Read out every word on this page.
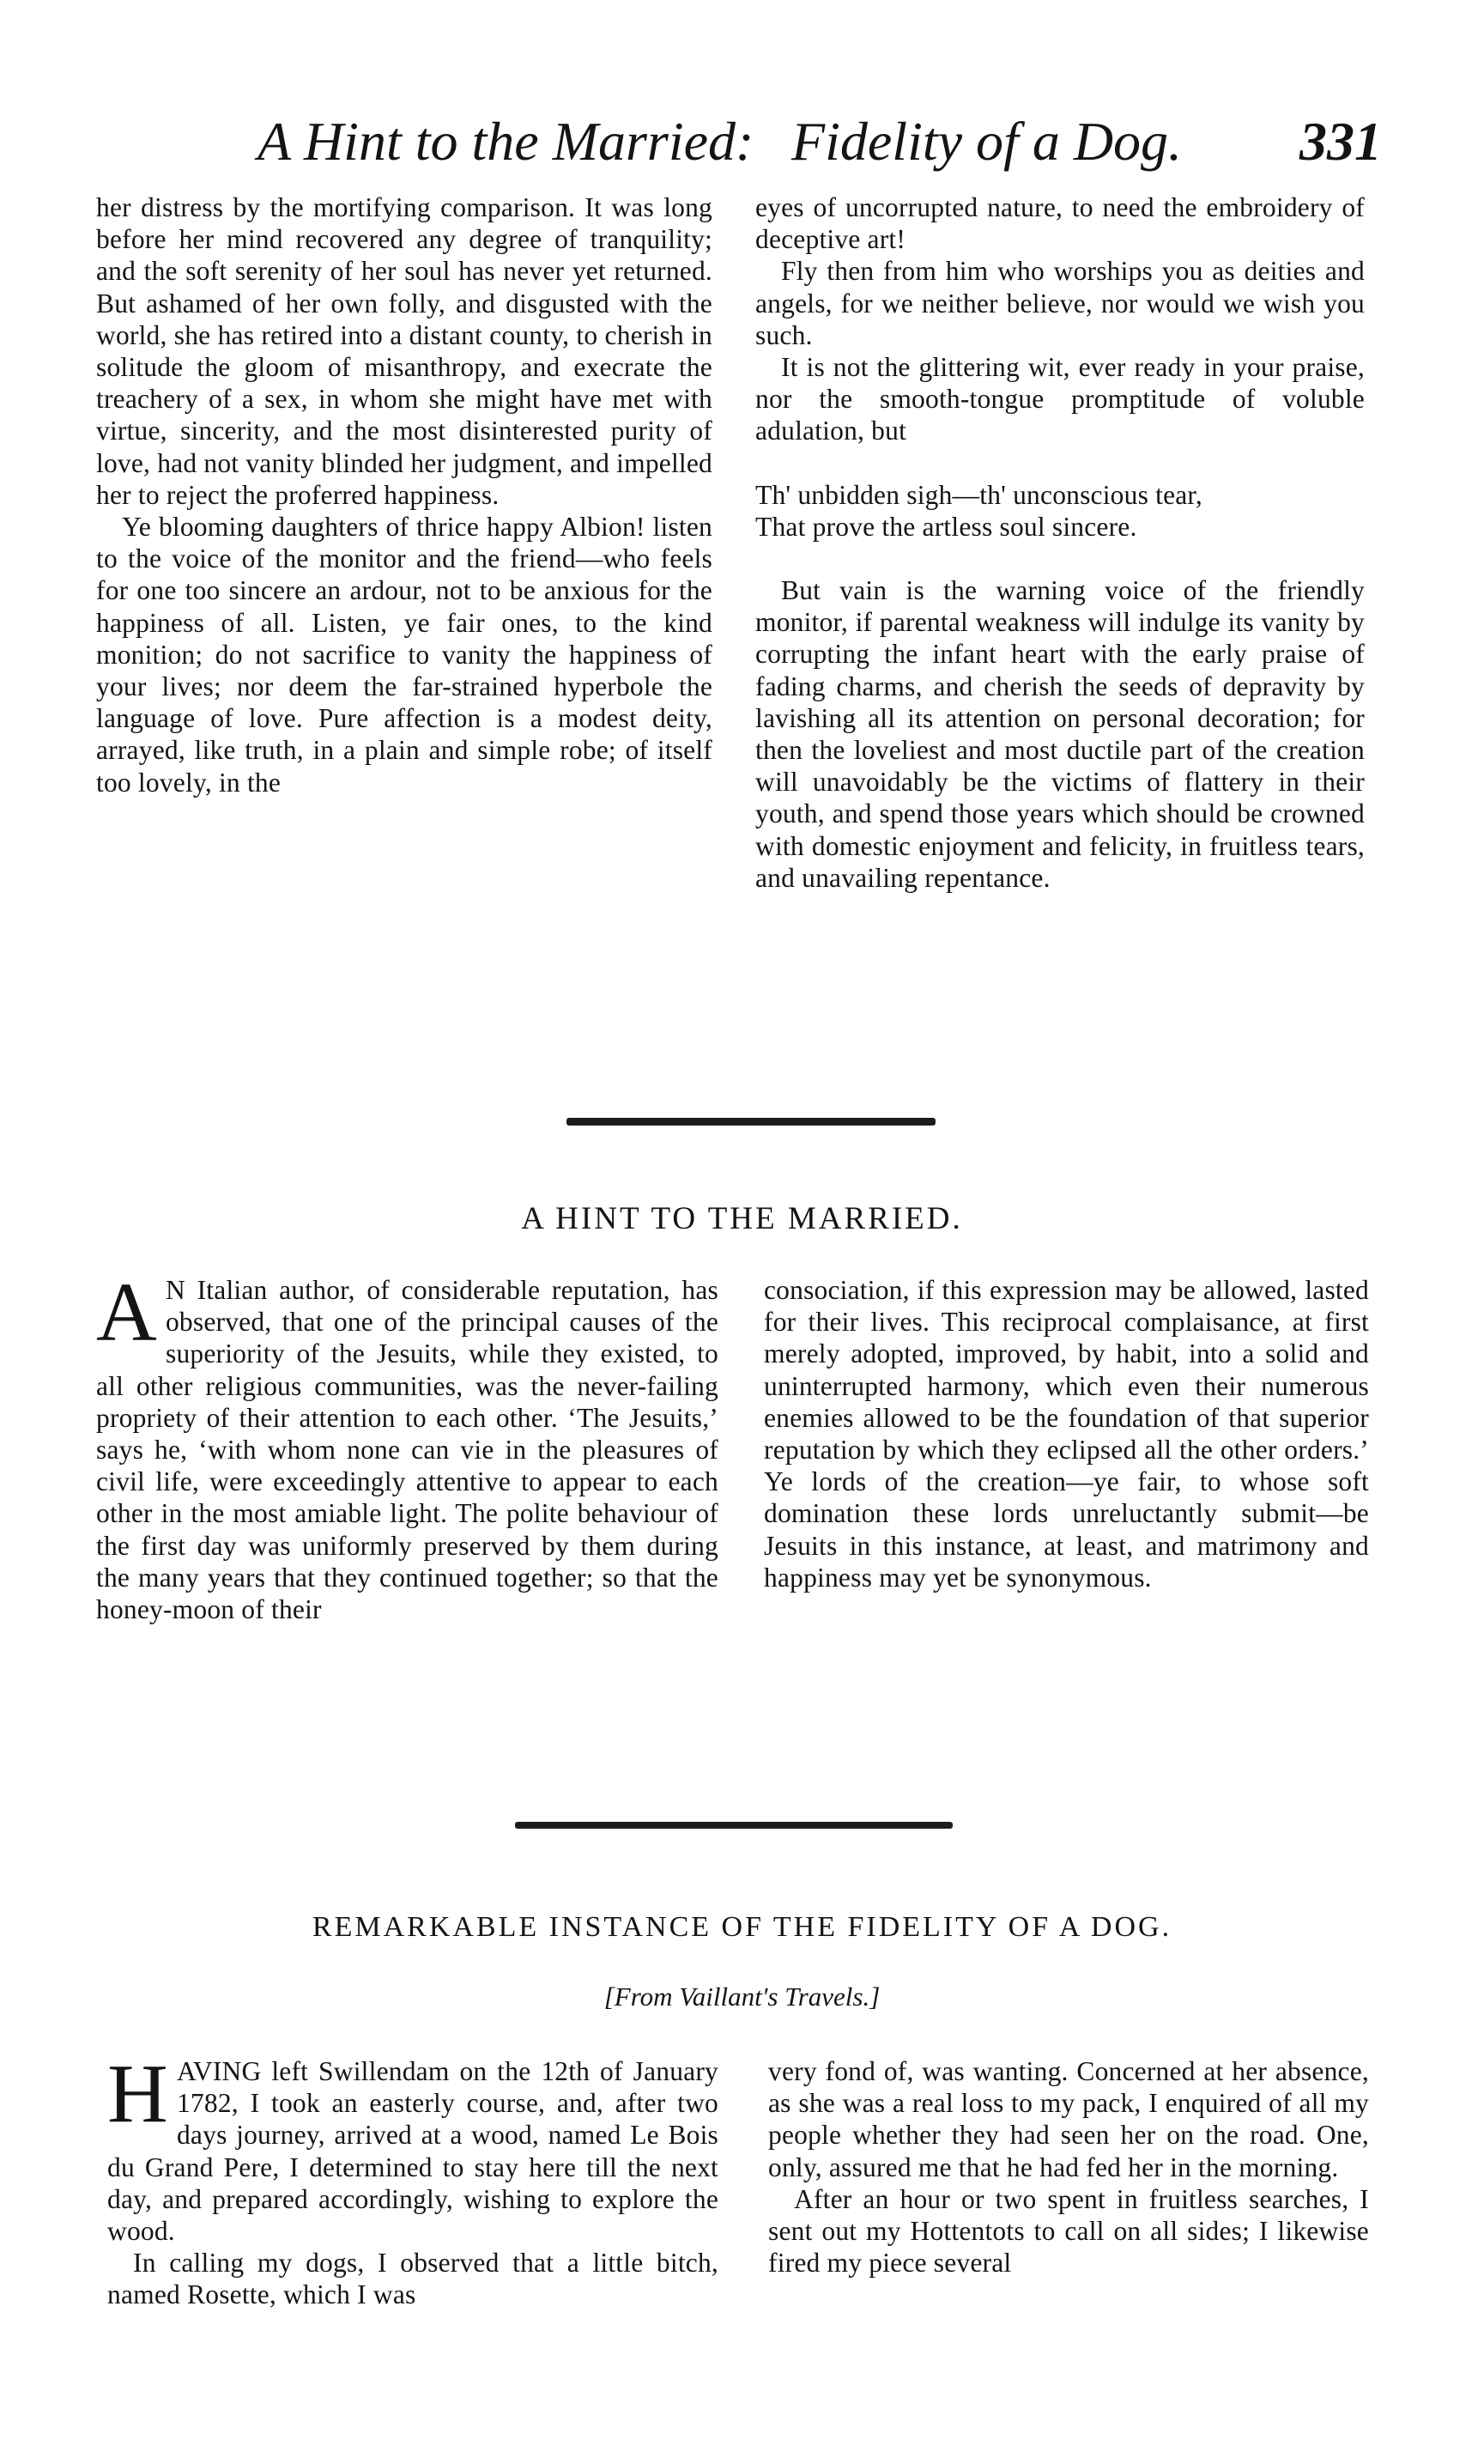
A Hint to the Married: Fidelity of a Dog. 331

her distress by the mortifying comparison. It was long before her mind recovered any degree of tranquility; and the soft serenity of her soul has never yet returned. But ashamed of her own folly, and disgusted with the world, she has retired into a distant county, to cherish in solitude the gloom of misanthropy, and execrate the treachery of a sex, in whom she might have met with virtue, sincerity, and the most disinterested purity of love, had not vanity blinded her judgment, and impelled her to reject the proferred happiness.

Ye blooming daughters of thrice happy Albion! listen to the voice of the monitor and the friend—who feels for one too sincere an ardour, not to be anxious for the happiness of all. Listen, ye fair ones, to the kind monition; do not sacrifice to vanity the happiness of your lives; nor deem the far-strained hyperbole the language of love. Pure affection is a modest deity, arrayed, like truth, in a plain and simple robe; of itself too lovely, in the

eyes of uncorrupted nature, to need the embroidery of deceptive art!

Fly then from him who worships you as deities and angels, for we neither believe, nor would we wish you such.

It is not the glittering wit, ever ready in your praise, nor the smooth-tongue promptitude of voluble adulation, but

Th' unbidden sigh—th' unconscious tear,
That prove the artless soul sincere.

But vain is the warning voice of the friendly monitor, if parental weakness will indulge its vanity by corrupting the infant heart with the early praise of fading charms, and cherish the seeds of depravity by lavishing all its attention on personal decoration; for then the loveliest and most ductile part of the creation will unavoidably be the victims of flattery in their youth, and spend those years which should be crowned with domestic enjoyment and felicity, in fruitless tears, and unavailing repentance.

A HINT TO THE MARRIED.

A N Italian author, of considerable reputation, has observed, that one of the principal causes of the superiority of the Jesuits, while they existed, to all other religious communities, was the never-failing propriety of their attention to each other. ‘The Jesuits,’ says he, ‘with whom none can vie in the pleasures of civil life, were exceedingly attentive to appear to each other in the most amiable light. The polite behaviour of the first day was uniformly preserved by them during the many years that they continued together; so that the honey-moon of their

consociation, if this expression may be allowed, lasted for their lives. This reciprocal complaisance, at first merely adopted, improved, by habit, into a solid and uninterrupted harmony, which even their numerous enemies allowed to be the foundation of that superior reputation by which they eclipsed all the other orders.’ Ye lords of the creation—ye fair, to whose soft domination these lords unreluctantly submit—be Jesuits in this instance, at least, and matrimony and happiness may yet be synonymous.

REMARKABLE INSTANCE OF THE FIDELITY OF A DOG.
[From Vaillant's Travels.]

H AVING left Swillendam on the 12th of January 1782, I took an easterly course, and, after two days journey, arrived at a wood, named Le Bois du Grand Pere, I determined to stay here till the next day, and prepared accordingly, wishing to explore the wood.

In calling my dogs, I observed that a little bitch, named Rosette, which I was

very fond of, was wanting. Concerned at her absence, as she was a real loss to my pack, I enquired of all my people whether they had seen her on the road. One, only, assured me that he had fed her in the morning.

After an hour or two spent in fruitless searches, I sent out my Hottentots to call on all sides; I likewise fired my piece several
